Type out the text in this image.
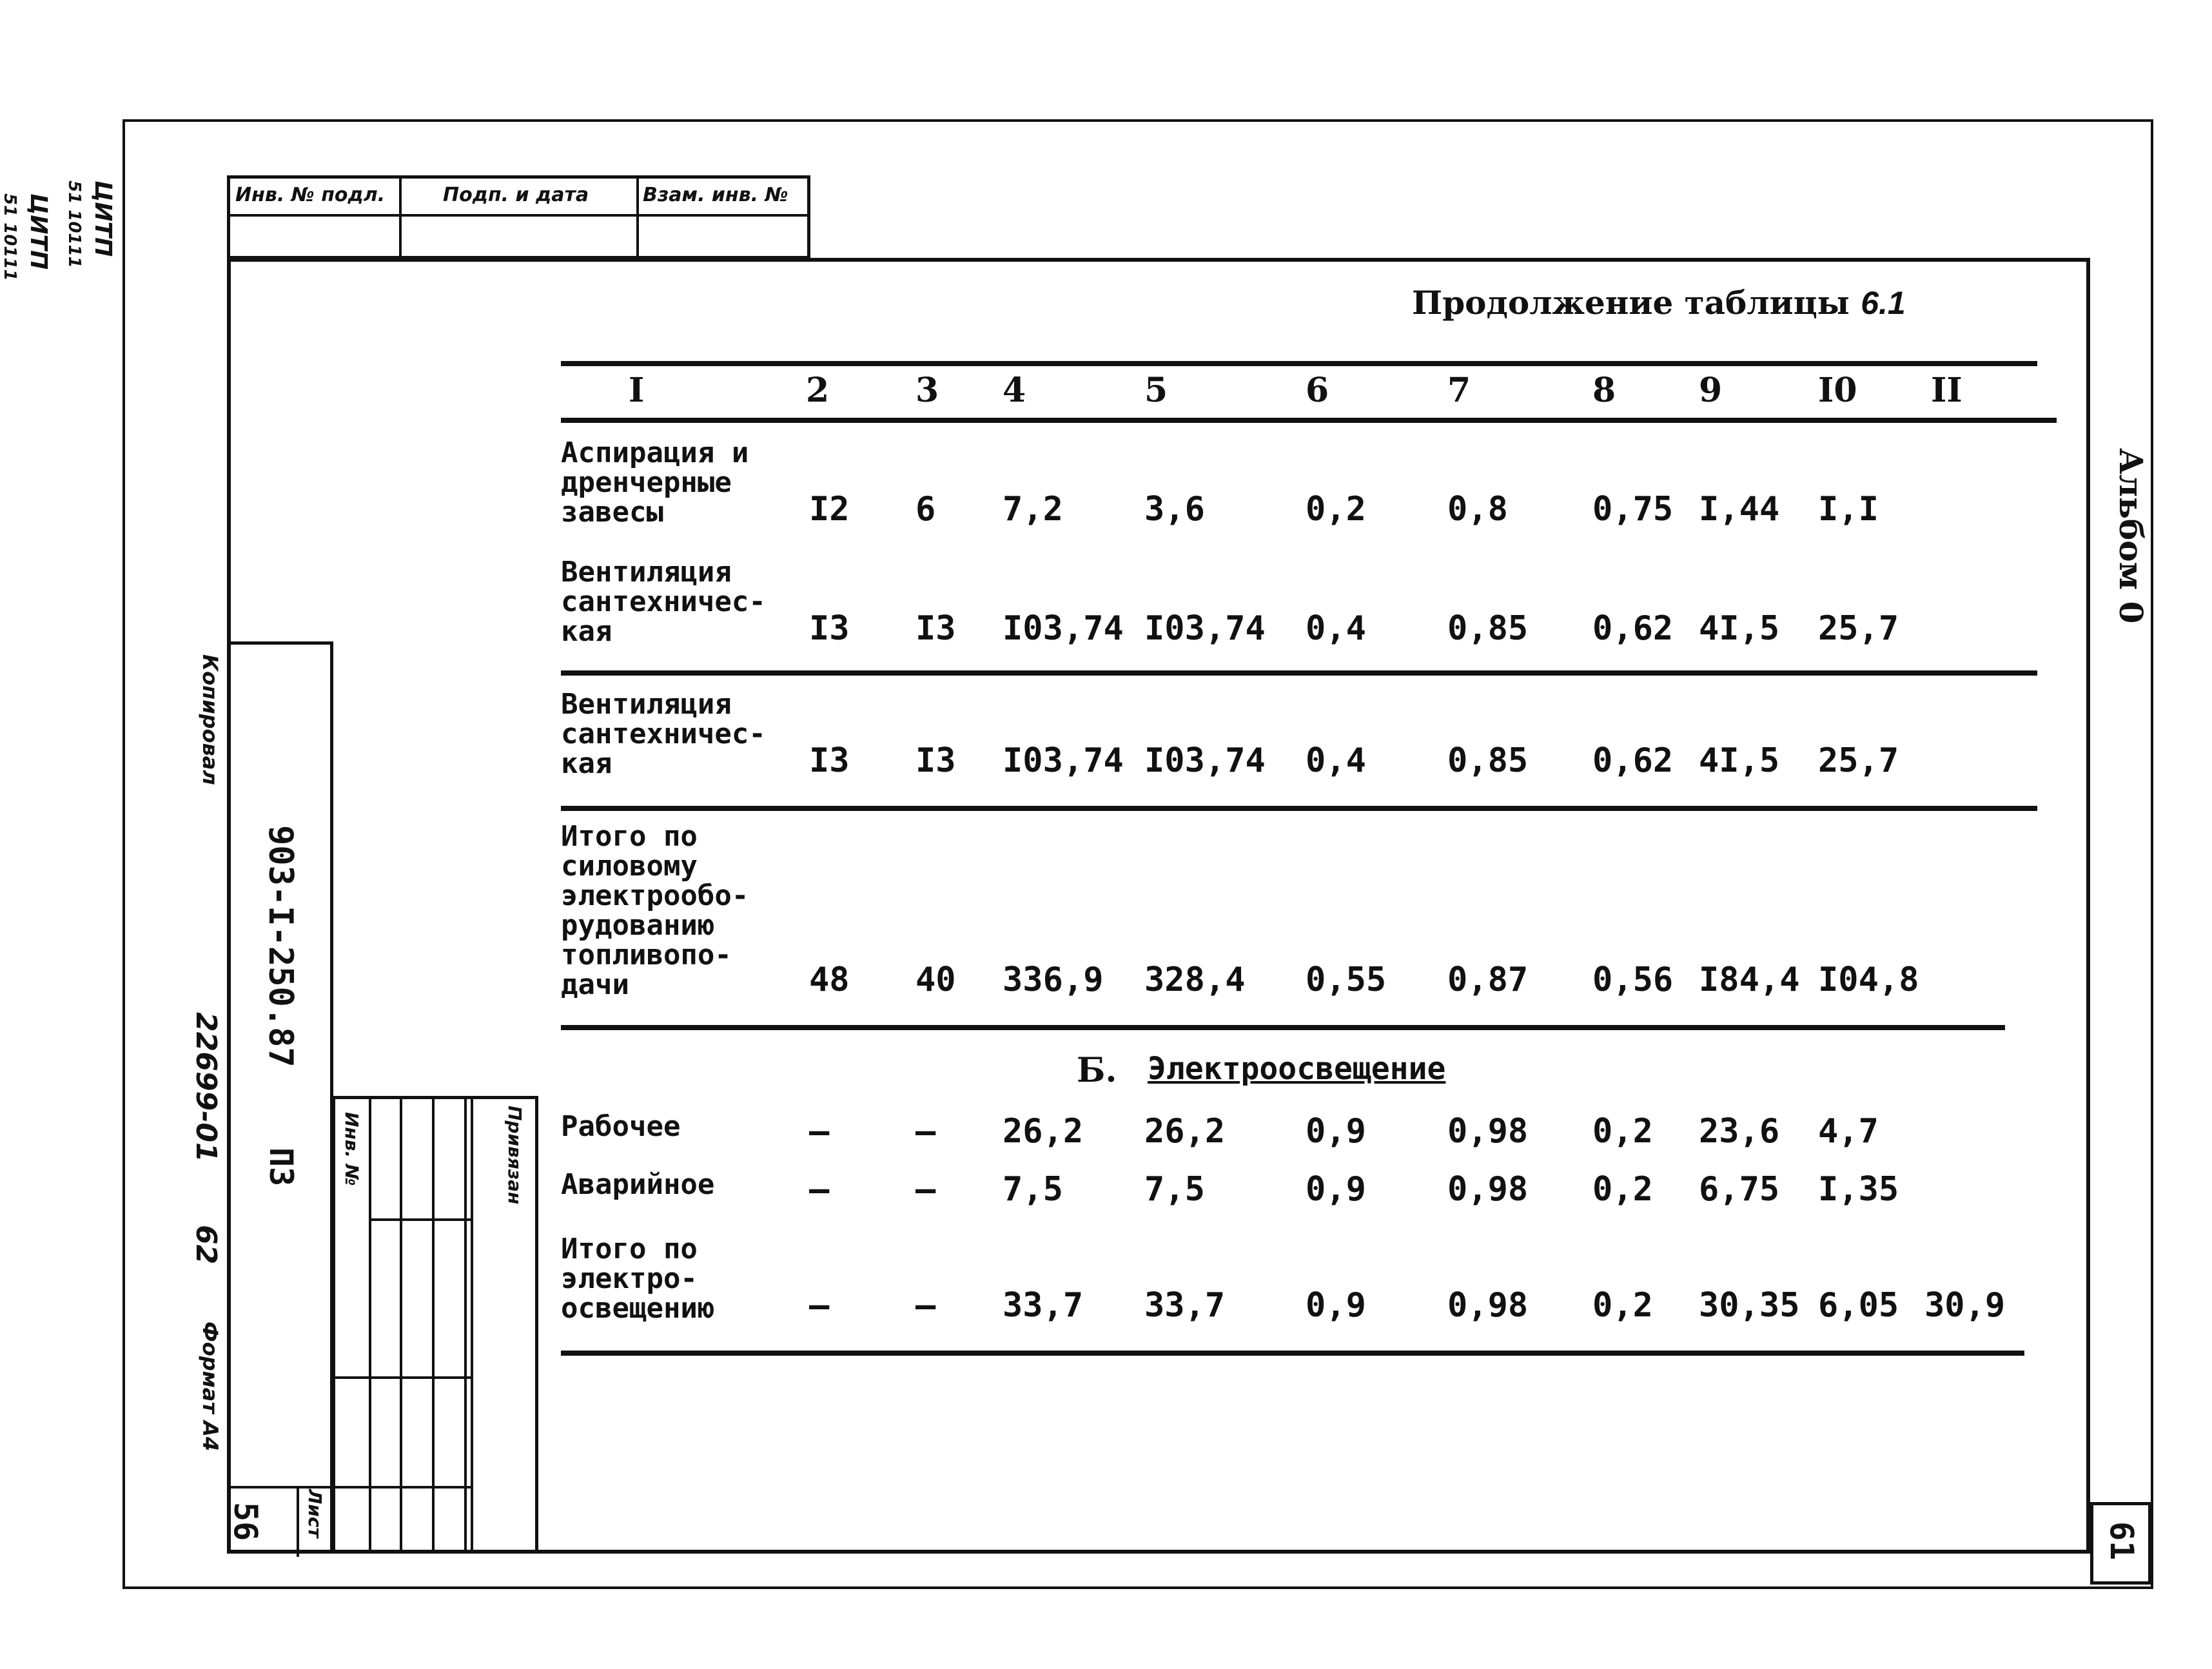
ЦИТП
51 10111
ЦИТП
51 10111	Инв. № подл.	Подп. и дата	Взам. инв. №
903-I-250.87
ПЗ
56 Лист
Копировал
22699-01
62
Формат А4
Инв. №	Привязан
Альбом 0
61
Продолжение таблицы 6.1
I	2	3 4	5	6	7	8 9	I0 II
Аспирация и
дренчерные
завесы	I2 6 7,2 3,6	0,2 0,8	0,75 I,44 I,I
Вентиляция
сантехничес-
кая	I3 I3 I03,74 I03,74 0,4 0,85 0,62 4I,5 25,7
Вентиляция
сантехничес-
кая	I3 I3 I03,74 I03,74 0,4 0,85 0,62 4I,5 25,7
Итого по
силовому
электрообо-
рудованию
топливопо-
дачи	48 40 336,9 328,4 0,55 0,87 0,56 I84,4 I04,8
Б. Электроосвещение
Рабочее	–	– 26,2 26,2 0,9 0,98 0,2 23,6 4,7
Аварийное	–	– 7,5 7,5	0,9 0,98 0,2 6,75 I,35
Итого по
электро-
освещению	–	– 33,7 33,7 0,9 0,98 0,2 30,35 6,05 30,9
